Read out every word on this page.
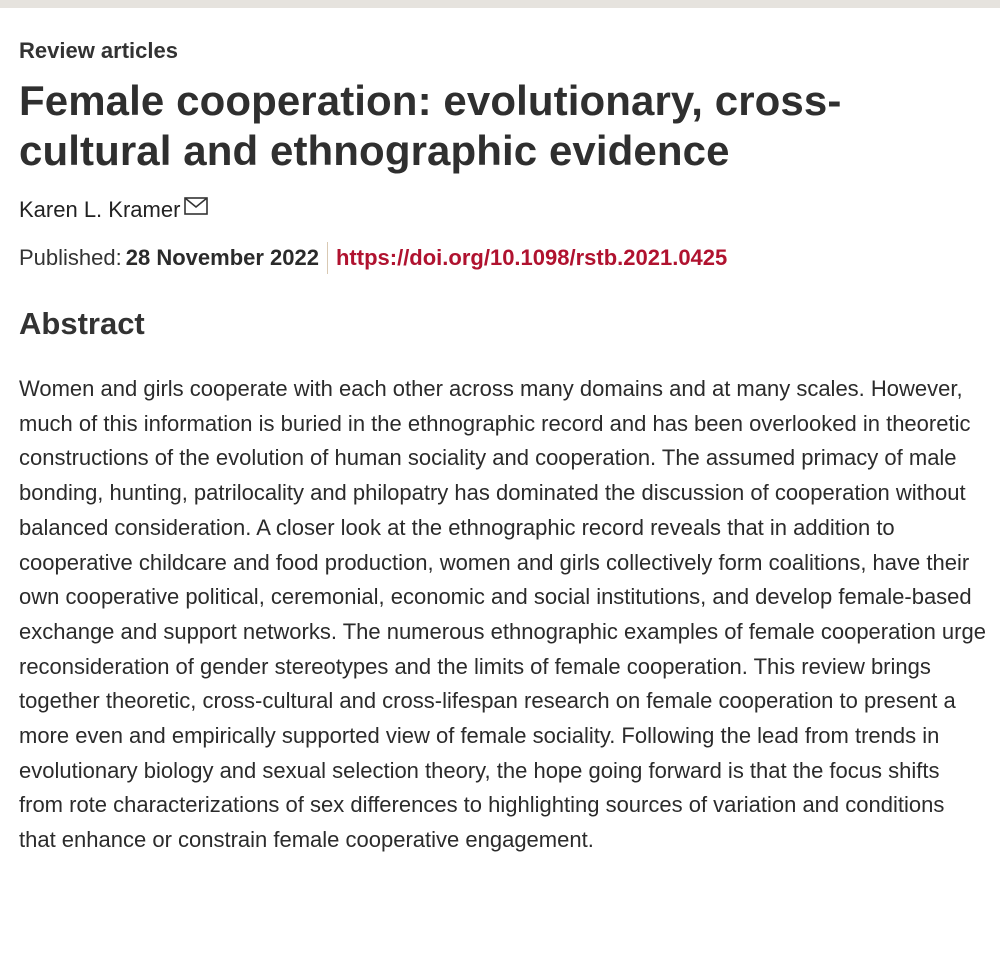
Review articles
Female cooperation: evolutionary, cross-cultural and ethnographic evidence
Karen L. Kramer
Published: 28 November 2022 https://doi.org/10.1098/rstb.2021.0425
Abstract

Women and girls cooperate with each other across many domains and at many scales. However, much of this information is buried in the ethnographic record and has been overlooked in theoretic constructions of the evolution of human sociality and cooperation. The assumed primacy of male bonding, hunting, patrilocality and philopatry has dominated the discussion of cooperation without balanced consideration. A closer look at the ethnographic record reveals that in addition to cooperative childcare and food production, women and girls collectively form coalitions, have their own cooperative political, ceremonial, economic and social institutions, and develop female-based exchange and support networks. The numerous ethnographic examples of female cooperation urge reconsideration of gender stereotypes and the limits of female cooperation. This review brings together theoretic, cross-cultural and cross-lifespan research on female cooperation to present a more even and empirically supported view of female sociality. Following the lead from trends in evolutionary biology and sexual selection theory, the hope going forward is that the focus shifts from rote characterizations of sex differences to highlighting sources of variation and conditions that enhance or constrain female cooperative engagement.
